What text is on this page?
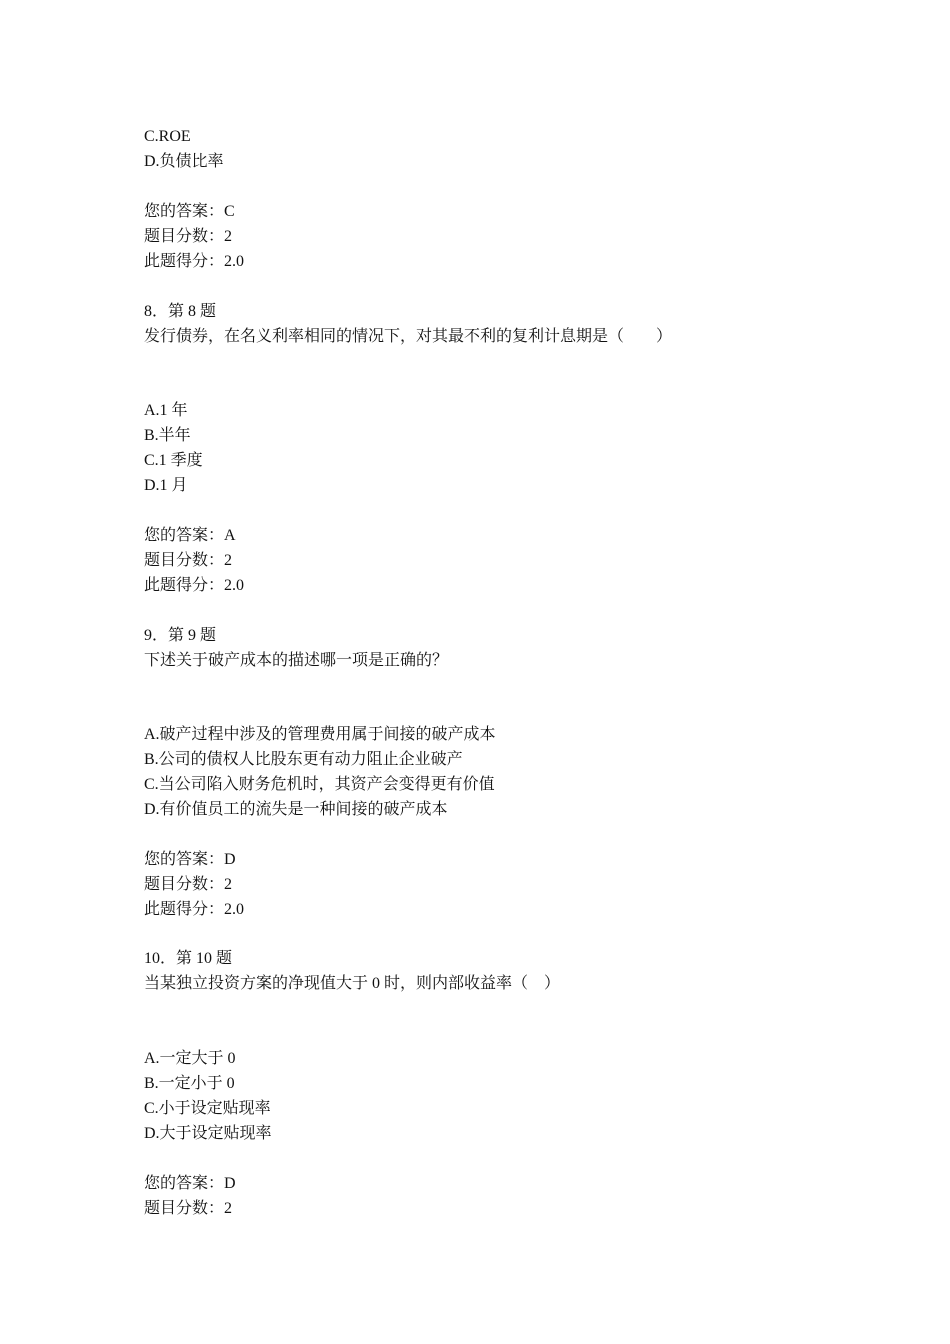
C.ROE
D.负债比率
您的答案：C
题目分数：2
此题得分：2.0
8．第 8 题
发行债券，在名义利率相同的情况下，对其最不利的复利计息期是（　　）
A.1 年
B.半年
C.1 季度
D.1 月
您的答案：A
题目分数：2
此题得分：2.0
9．第 9 题
下述关于破产成本的描述哪一项是正确的？
A.破产过程中涉及的管理费用属于间接的破产成本
B.公司的债权人比股东更有动力阻止企业破产
C.当公司陷入财务危机时，其资产会变得更有价值
D.有价值员工的流失是一种间接的破产成本
您的答案：D
题目分数：2
此题得分：2.0
10．第 10 题
当某独立投资方案的净现值大于 0 时，则内部收益率（　）
A.一定大于 0
B.一定小于 0
C.小于设定贴现率
D.大于设定贴现率
您的答案：D
题目分数：2
